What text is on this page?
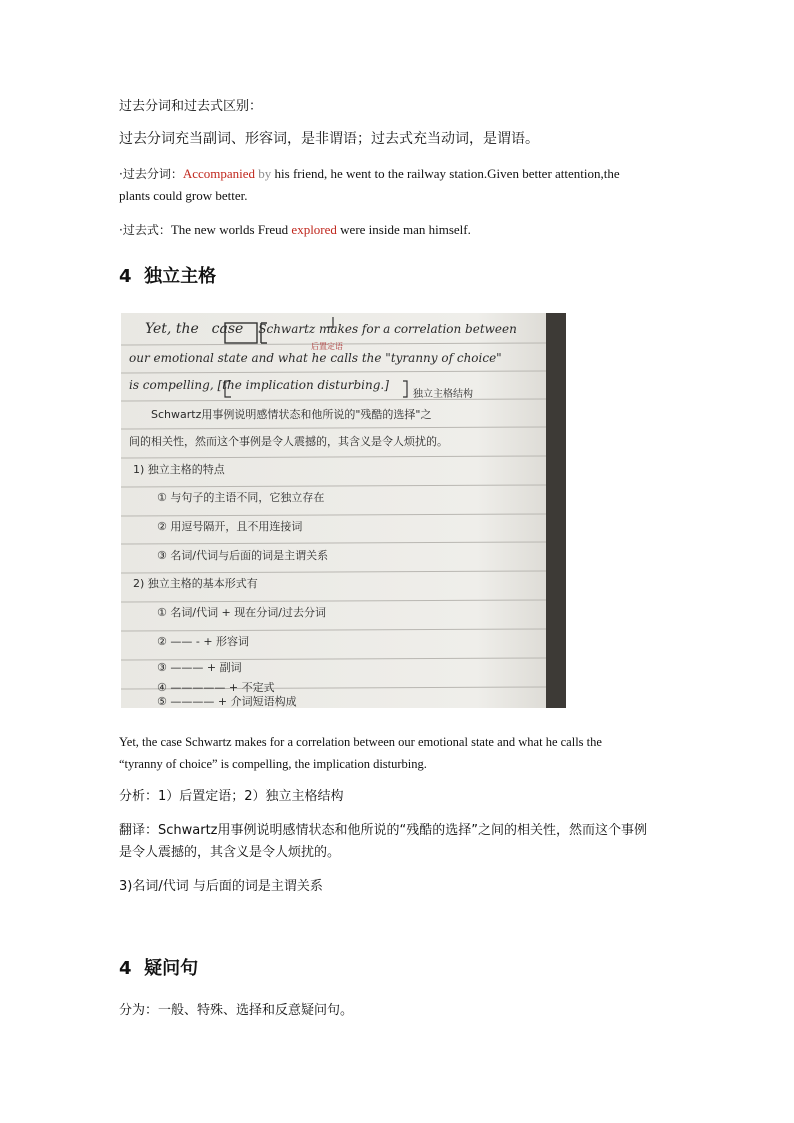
过去分词和过去式区别：
过去分词充当副词、形容词，是非谓语；过去式充当动词，是谓语。
·过去分词：Accompanied by his friend, he went to the railway station.Given better attention,the
plants could grow better.
·过去式：The new worlds Freud explored were inside man himself.
4 独立主格
Yet, the case Schwartz makes for a correlation between
后置定语
our emotional state and what he calls the "tyranny of choice"
is compelling, [the implication disturbing.]
独立主格结构
Schwartz用事例说明感情状态和他所说的"残酷的选择"之
间的相关性，然而这个事例是令人震撼的，其含义是令人烦扰的。
1) 独立主格的特点
① 与句子的主语不同，它独立存在
② 用逗号隔开，且不用连接词
③ 名词/代词与后面的词是主谓关系
2) 独立主格的基本形式有
① 名词/代词 + 现在分词/过去分词
② —— - + 形容词
③ ——— + 副词
④ ————— + 不定式
⑤ ———— + 介词短语构成
Yet, the case Schwartz makes for a correlation between our emotional state and what he calls the
“tyranny of choice” is compelling, the implication disturbing.
分析：1）后置定语；2）独立主格结构
翻译：Schwartz用事例说明感情状态和他所说的“残酷的选择”之间的相关性，然而这个事例
是令人震撼的，其含义是令人烦扰的。
3)名词/代词 与后面的词是主谓关系
4 疑问句
分为：一般、特殊、选择和反意疑问句。
